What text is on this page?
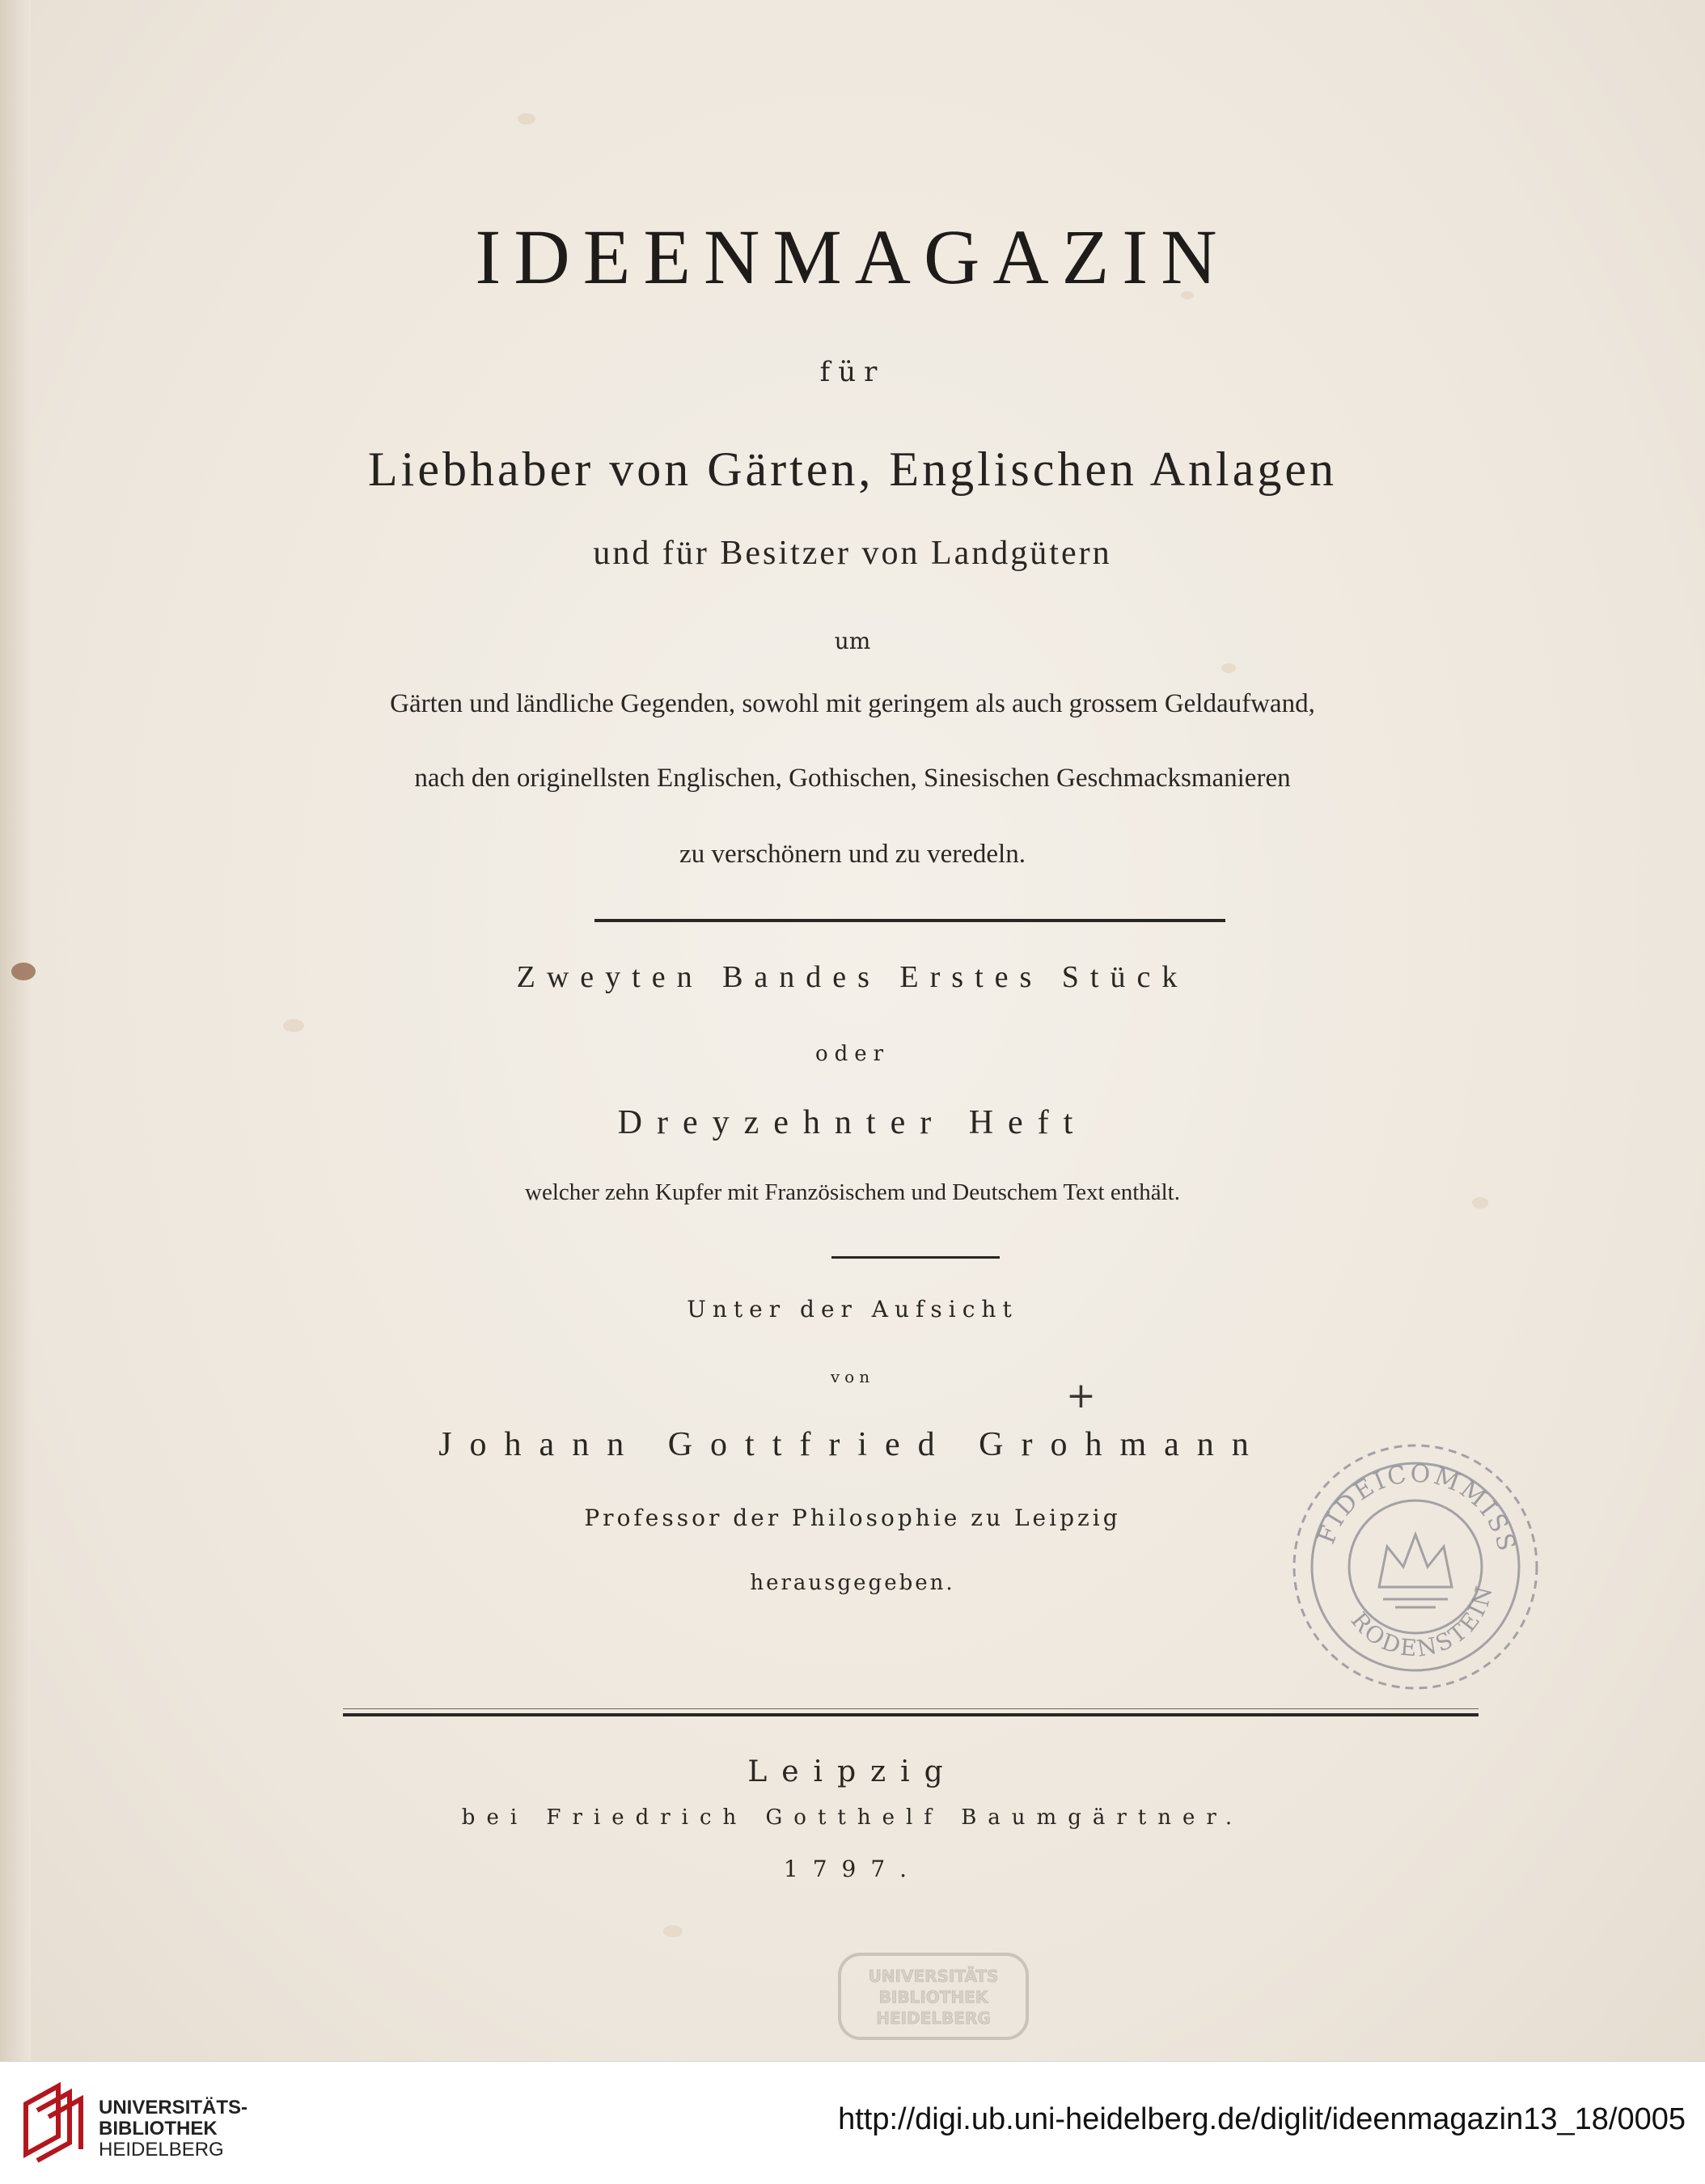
IDEENMAGAZIN
für
Liebhaber von Gärten, Englischen Anlagen
und für Besitzer von Landgütern
um
Gärten und ländliche Gegenden, sowohl mit geringem als auch grossem Geldaufwand,
nach den originellsten Englischen, Gothischen, Sinesischen Geschmacksmanieren
zu verschönern und zu veredeln.
Zweyten Bandes Erstes Stück
oder
Dreyzehnter Heft
welcher zehn Kupfer mit Französischem und Deutschem Text enthält.
Unter der Aufsicht
von	+
Johann Gottfried Grohmann
Professor der Philosophie zu Leipzig
herausgegeben.
Leipzig
bei Friedrich Gotthelf Baumgärtner.
1797.
FIDEICOMMISS
RODENSTEIN
UNIVERSITÄTS
BIBLIOTHEK
HEIDELBERG
UNIVERSITÄTS-
BIBLIOTHEK
HEIDELBERG
http://digi.ub.uni-heidelberg.de/diglit/ideenmagazin13_18/0005
